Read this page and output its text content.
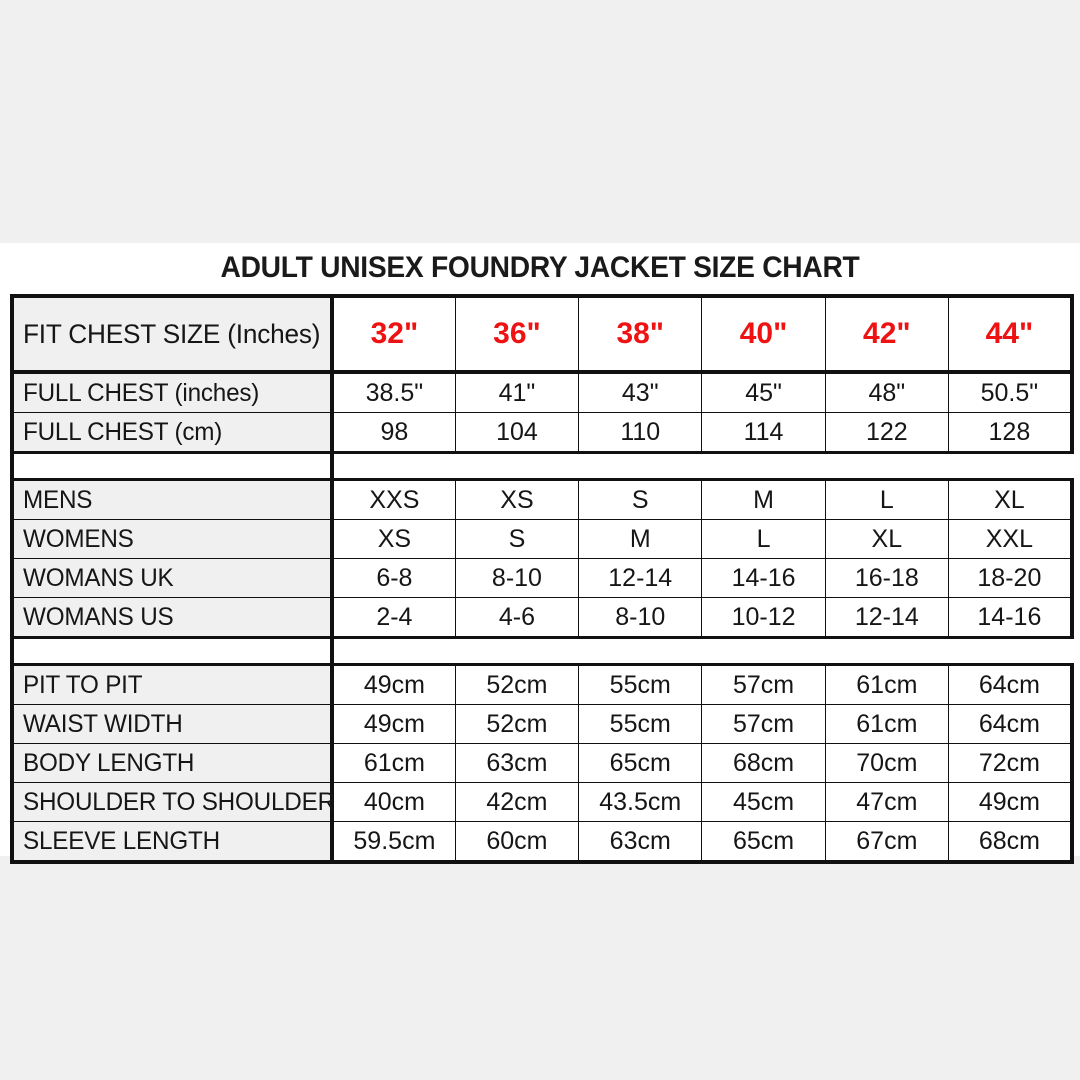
ADULT UNISEX FOUNDRY JACKET SIZE CHART
FIT CHEST SIZE (Inches)	32"	36"	38"	40"	42"	44"
FULL CHEST (inches)	38.5"	41"	43"	45"	48"	50.5"
FULL CHEST (cm)	98	104	110	114	122	128

MENS	XXS	XS	S	M	L	XL
WOMENS	XS	S	M	L	XL	XXL
WOMANS UK	6-8	8-10	12-14	14-16	16-18	18-20
WOMANS US	2-4	4-6	8-10	10-12	12-14	14-16

PIT TO PIT	49cm	52cm	55cm	57cm	61cm	64cm
WAIST WIDTH	49cm	52cm	55cm	57cm	61cm	64cm
BODY LENGTH	61cm	63cm	65cm	68cm	70cm	72cm
SHOULDER TO SHOULDER	40cm	42cm	43.5cm	45cm	47cm	49cm
SLEEVE LENGTH	59.5cm	60cm	63cm	65cm	67cm	68cm
